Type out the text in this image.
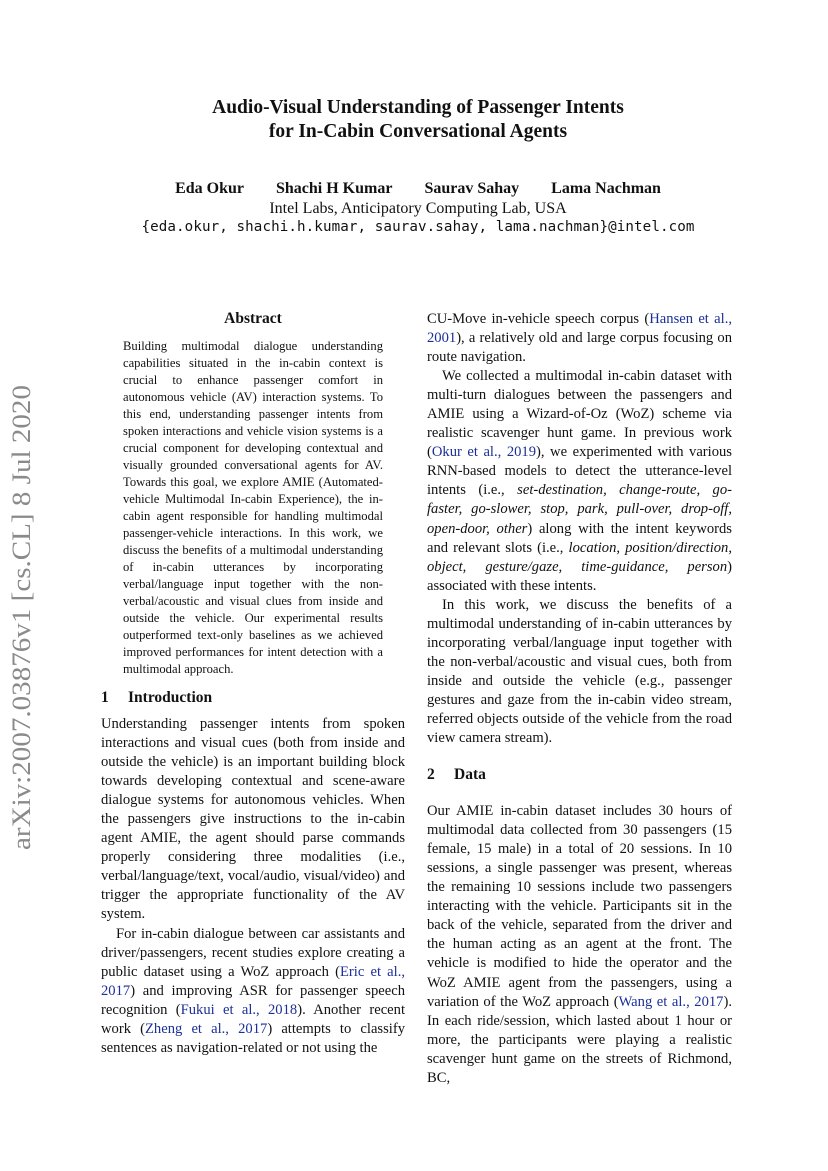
arXiv:2007.03876v1 [cs.CL] 8 Jul 2020
Audio-Visual Understanding of Passenger Intents
for In-Cabin Conversational Agents
Eda Okur Shachi H Kumar Saurav Sahay Lama Nachman
Intel Labs, Anticipatory Computing Lab, USA
{eda.okur, shachi.h.kumar, saurav.sahay, lama.nachman}@intel.com
Abstract

Building multimodal dialogue understanding capabilities situated in the in-cabin context is crucial to enhance passenger comfort in autonomous vehicle (AV) interaction systems. To this end, understanding passenger intents from spoken interactions and vehicle vision systems is a crucial component for developing contextual and visually grounded conversational agents for AV. Towards this goal, we explore AMIE (Automated-vehicle Multimodal In-cabin Experience), the in-cabin agent responsible for handling multimodal passenger-vehicle interactions. In this work, we discuss the benefits of a multimodal understanding of in-cabin utterances by incorporating verbal/language input together with the non-verbal/acoustic and visual clues from inside and outside the vehicle. Our experimental results outperformed text-only baselines as we achieved improved performances for intent detection with a multimodal approach.

1 Introduction

Understanding passenger intents from spoken interactions and visual cues (both from inside and outside the vehicle) is an important building block towards developing contextual and scene-aware dialogue systems for autonomous vehicles. When the passengers give instructions to the in-cabin agent AMIE, the agent should parse commands properly considering three modalities (i.e., verbal/language/text, vocal/audio, visual/video) and trigger the appropriate functionality of the AV system.

For in-cabin dialogue between car assistants and driver/passengers, recent studies explore creating a public dataset using a WoZ approach (Eric et al., 2017) and improving ASR for passenger speech recognition (Fukui et al., 2018). Another recent work (Zheng et al., 2017) attempts to classify sentences as navigation-related or not using the

CU-Move in-vehicle speech corpus (Hansen et al., 2001), a relatively old and large corpus focusing on route navigation.

We collected a multimodal in-cabin dataset with multi-turn dialogues between the passengers and AMIE using a Wizard-of-Oz (WoZ) scheme via realistic scavenger hunt game. In previous work (Okur et al., 2019), we experimented with various RNN-based models to detect the utterance-level intents (i.e., set-destination, change-route, go-faster, go-slower, stop, park, pull-over, drop-off, open-door, other) along with the intent keywords and relevant slots (i.e., location, position/direction, object, gesture/gaze, time-guidance, person) associated with these intents.

In this work, we discuss the benefits of a multimodal understanding of in-cabin utterances by incorporating verbal/language input together with the non-verbal/acoustic and visual cues, both from inside and outside the vehicle (e.g., passenger gestures and gaze from the in-cabin video stream, referred objects outside of the vehicle from the road view camera stream).

2 Data

Our AMIE in-cabin dataset includes 30 hours of multimodal data collected from 30 passengers (15 female, 15 male) in a total of 20 sessions. In 10 sessions, a single passenger was present, whereas the remaining 10 sessions include two passengers interacting with the vehicle. Participants sit in the back of the vehicle, separated from the driver and the human acting as an agent at the front. The vehicle is modified to hide the operator and the WoZ AMIE agent from the passengers, using a variation of the WoZ approach (Wang et al., 2017). In each ride/session, which lasted about 1 hour or more, the participants were playing a realistic scavenger hunt game on the streets of Richmond, BC,
